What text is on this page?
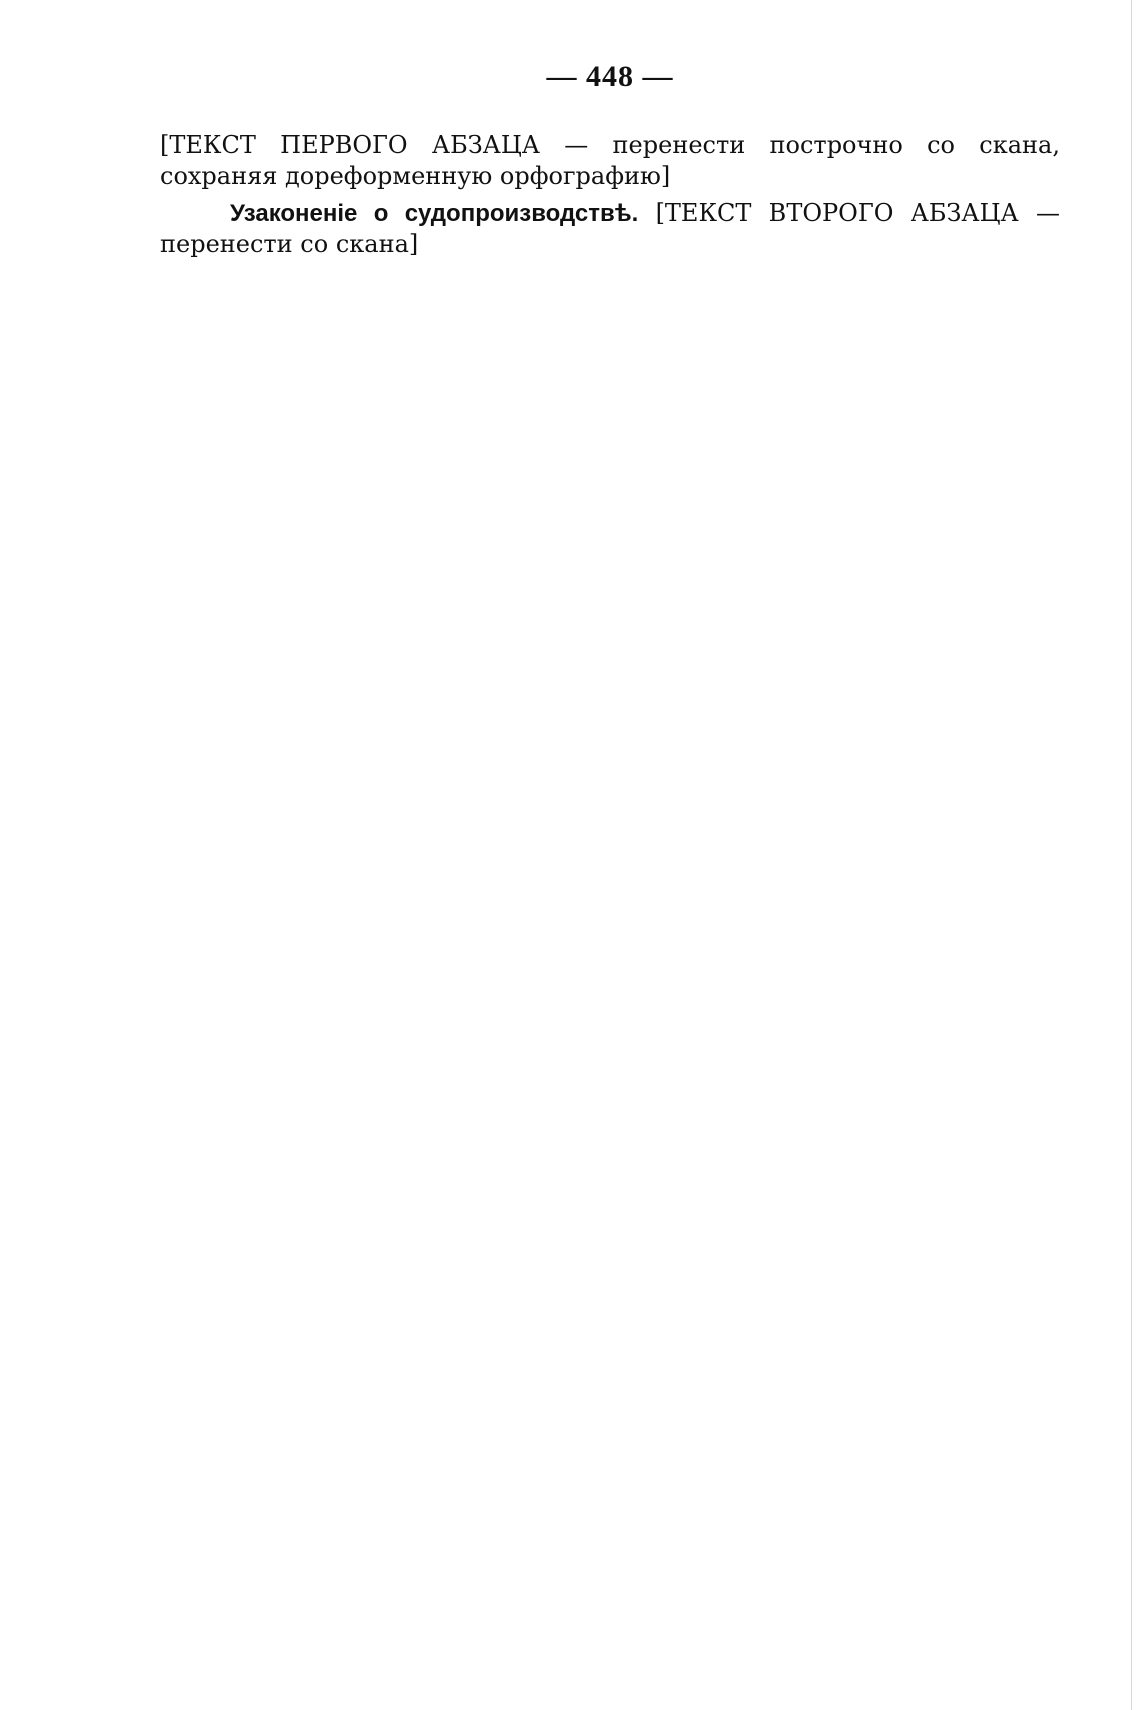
— 448 —

[ТЕКСТ ПЕРВОГО АБЗАЦА — перенести построчно со скана, сохраняя дореформенную орфографию]

Узаконеніе о судопроизводствѣ. [ТЕКСТ ВТОРОГО АБЗАЦА — перенести со скана]
